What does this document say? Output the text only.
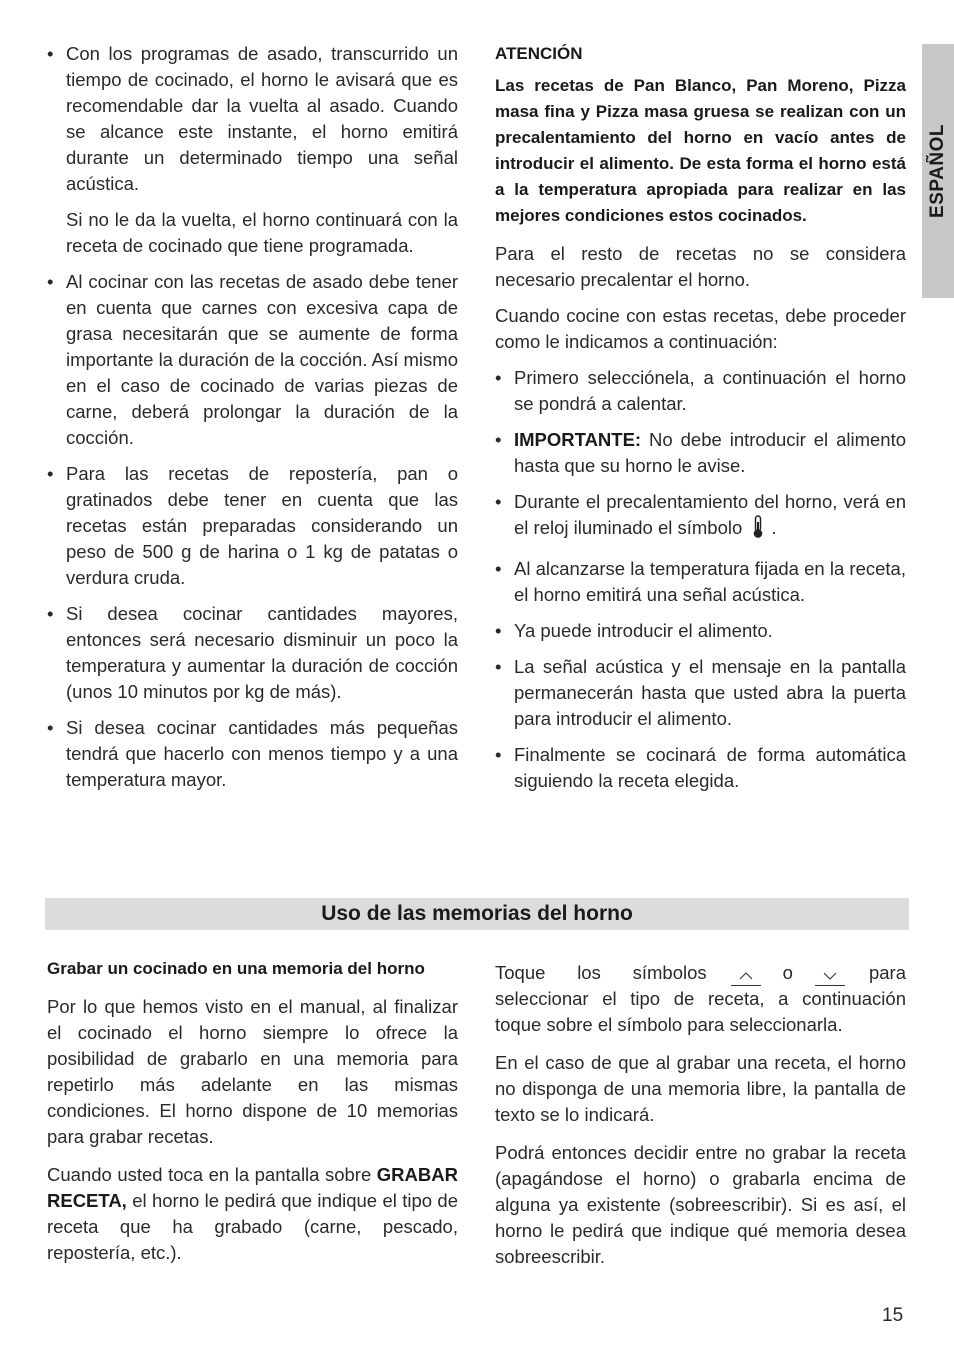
ESPAÑOL

• Con los programas de asado, transcurrido un tiempo de cocinado, el horno le avisará que es recomendable dar la vuelta al asado. Cuando se alcance este instante, el horno emitirá durante un determinado tiempo una señal acústica.

Si no le da la vuelta, el horno continuará con la receta de cocinado que tiene programada.

• Al cocinar con las recetas de asado debe tener en cuenta que carnes con excesiva capa de grasa necesitarán que se aumente de forma importante la duración de la cocción. Así mismo en el caso de cocinado de varias piezas de carne, deberá prolongar la duración de la cocción.

• Para las recetas de repostería, pan o gratinados debe tener en cuenta que las recetas están preparadas considerando un peso de 500 g de harina o 1 kg de patatas o verdura cruda.

• Si desea cocinar cantidades mayores, entonces será necesario disminuir un poco la temperatura y aumentar la duración de cocción (unos 10 minutos por kg de más).

• Si desea cocinar cantidades más pequeñas tendrá que hacerlo con menos tiempo y a una temperatura mayor.

ATENCIÓN
Las recetas de Pan Blanco, Pan Moreno, Pizza masa fina y Pizza masa gruesa se realizan con un precalentamiento del horno en vacío antes de introducir el alimento. De esta forma el horno está a la temperatura apropiada para realizar en las mejores condiciones estos cocinados.

Para el resto de recetas no se considera necesario precalentar el horno.

Cuando cocine con estas recetas, debe proceder como le indicamos a continuación:

• Primero selecciónela, a continuación el horno se pondrá a calentar.
• IMPORTANTE: No debe introducir el alimento hasta que su horno le avise.
• Durante el precalentamiento del horno, verá en el reloj iluminado el símbolo .
• Al alcanzarse la temperatura fijada en la receta, el horno emitirá una señal acústica.
• Ya puede introducir el alimento.
• La señal acústica y el mensaje en la pantalla permanecerán hasta que usted abra la puerta para introducir el alimento.
• Finalmente se cocinará de forma automática siguiendo la receta elegida.
Uso de las memorias del horno
Grabar un cocinado en una memoria del horno

Por lo que hemos visto en el manual, al finalizar el cocinado el horno siempre lo ofrece la posibilidad de grabarlo en una memoria para repetirlo más adelante en las mismas condiciones. El horno dispone de 10 memorias para grabar recetas.

Cuando usted toca en la pantalla sobre GRABAR RECETA, el horno le pedirá que indique el tipo de receta que ha grabado (carne, pescado, repostería, etc.).

Toque los símbolos	o	para
seleccionar el tipo de receta, a continuación toque sobre el símbolo para seleccionarla.

En el caso de que al grabar una receta, el horno no disponga de una memoria libre, la pantalla de texto se lo indicará.

Podrá entonces decidir entre no grabar la receta (apagándose el horno) o grabarla encima de alguna ya existente (sobreescribir). Si es así, el horno le pedirá que indique qué memoria desea sobreescribir.

15
